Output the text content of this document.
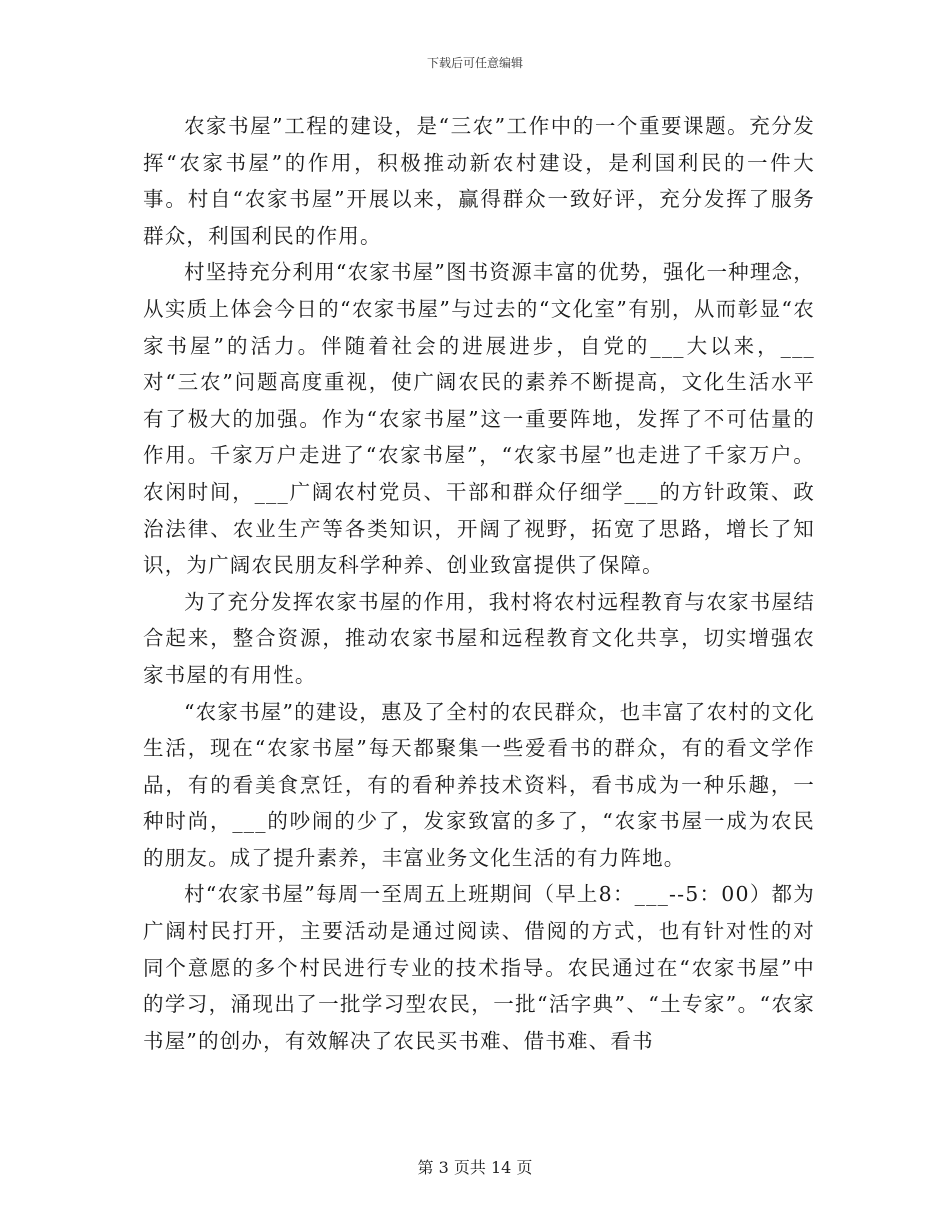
下载后可任意编辑

农家书屋”工程的建设，是“三农”工作中的一个重要课题。充分发挥“农家书屋”的作用，积极推动新农村建设，是利国利民的一件大事。村自“农家书屋”开展以来，赢得群众一致好评，充分发挥了服务群众，利国利民的作用。

村坚持充分利用“农家书屋”图书资源丰富的优势，强化一种理念，从实质上体会今日的“农家书屋”与过去的“文化室”有别，从而彰显“农家书屋”的活力。伴随着社会的进展进步，自党的___大以来，___对“三农”问题高度重视，使广阔农民的素养不断提高，文化生活水平有了极大的加强。作为“农家书屋”这一重要阵地，发挥了不可估量的作用。千家万户走进了“农家书屋”，“农家书屋”也走进了千家万户。农闲时间，___广阔农村党员、干部和群众仔细学___的方针政策、政治法律、农业生产等各类知识，开阔了视野，拓宽了思路，增长了知识，为广阔农民朋友科学种养、创业致富提供了保障。

为了充分发挥农家书屋的作用，我村将农村远程教育与农家书屋结合起来，整合资源，推动农家书屋和远程教育文化共享，切实增强农家书屋的有用性。

“农家书屋”的建设，惠及了全村的农民群众，也丰富了农村的文化生活，现在“农家书屋”每天都聚集一些爱看书的群众，有的看文学作品，有的看美食烹饪，有的看种养技术资料，看书成为一种乐趣，一种时尚，___的吵闹的少了，发家致富的多了，“农家书屋一成为农民的朋友。成了提升素养，丰富业务文化生活的有力阵地。

村“农家书屋”每周一至周五上班期间（早上8：___--5：00）都为广阔村民打开，主要活动是通过阅读、借阅的方式，也有针对性的对同个意愿的多个村民进行专业的技术指导。农民通过在“农家书屋”中的学习，涌现出了一批学习型农民，一批“活字典”、“土专家”。“农家书屋”的创办，有效解决了农民买书难、借书难、看书

第 3 页共 14 页
